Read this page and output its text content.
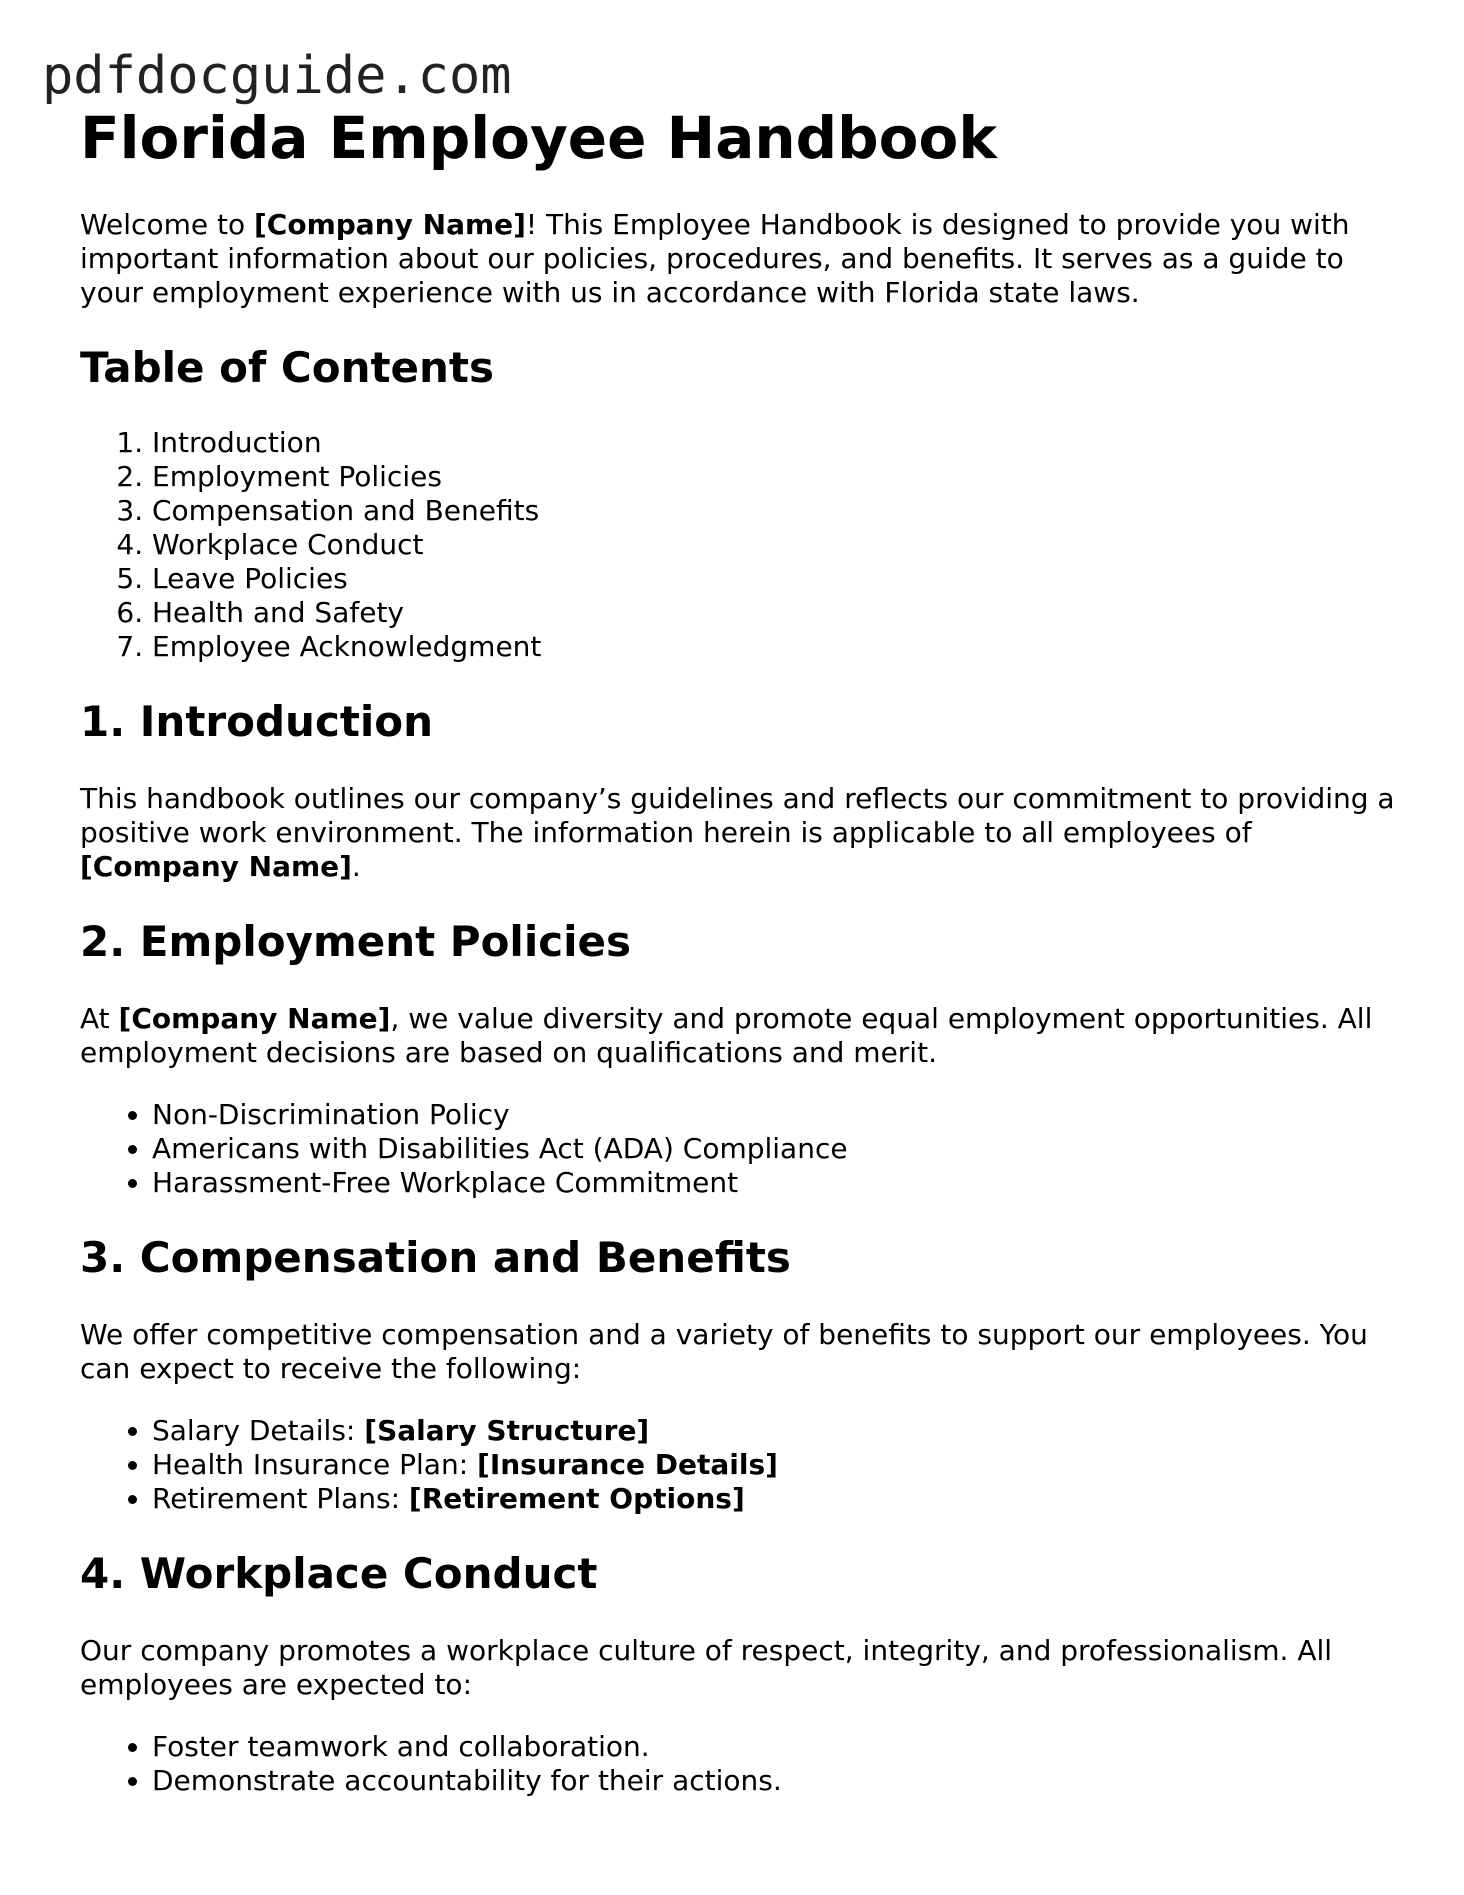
pdfdocguide.com
Florida Employee Handbook

Welcome to [Company Name]! This Employee Handbook is designed to provide you with important information about our policies, procedures, and benefits. It serves as a guide to your employment experience with us in accordance with Florida state laws.

Table of Contents
1. Introduction
2. Employment Policies
3. Compensation and Benefits
4. Workplace Conduct
5. Leave Policies
6. Health and Safety
7. Employee Acknowledgment
1. Introduction

This handbook outlines our company’s guidelines and reflects our commitment to providing a positive work environment. The information herein is applicable to all employees of [Company Name].

2. Employment Policies

At [Company Name], we value diversity and promote equal employment opportunities. All employment decisions are based on qualifications and merit.

• Non-Discrimination Policy
• Americans with Disabilities Act (ADA) Compliance
• Harassment-Free Workplace Commitment
3. Compensation and Benefits

We offer competitive compensation and a variety of benefits to support our employees. You can expect to receive the following:

• Salary Details: [Salary Structure]
• Health Insurance Plan: [Insurance Details]
• Retirement Plans: [Retirement Options]
4. Workplace Conduct

Our company promotes a workplace culture of respect, integrity, and professionalism. All employees are expected to:

• Foster teamwork and collaboration.
• Demonstrate accountability for their actions.
